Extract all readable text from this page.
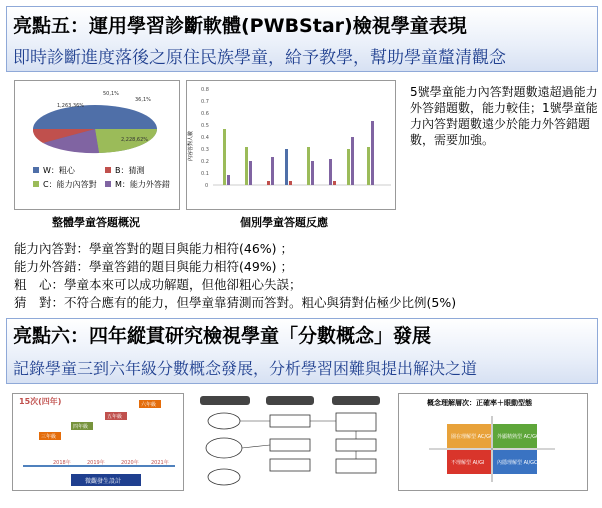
亮點五：運用學習診斷軟體(PWBStar)檢視學童表現
即時診斷進度落後之原住民族學童，給予教學，幫助學童釐清觀念
1,263,36%
50,1%
36,1%
2,228,62%
W：粗心	B：猜測
C：能力內答對 M：能力外答錯
整體學童答題概況
內容答對人數
0.8
0.7
0.6
0.5
0.4
0.3
0.2
0.1
0
個別學童答題反應
5號學童能力內答對題數遠超過能力外答錯題數，能力較佳；1號學童能力內答對題數遠少於能力外答錯題數，需要加強。
能力內答對：學童答對的題目與能力相符(46%) ；
能力外答錯：學童答錯的題目與能力相符(49%) ；
粗　心：學童本來可以成功解題，但他卻粗心失誤；
猜　對：不符合應有的能力，但學童靠猜測而答對。粗心與猜對佔極少比例(5%)
亮點六：四年縱貫研究檢視學童「分數概念」發展
記錄學童三到六年級分數概念發展，分析學習困難與提出解決之道
15次(四年)
三年級
四年級
五年級
六年級
2018年	2019年	2020年 2021年
微觀發生設計
概念理解層次：正確率＋眼動型態
園在理解型 AC/GC 外顯精熟型 AC/GC
不理解型 AI/GI 內隱理解型 AI/GC
